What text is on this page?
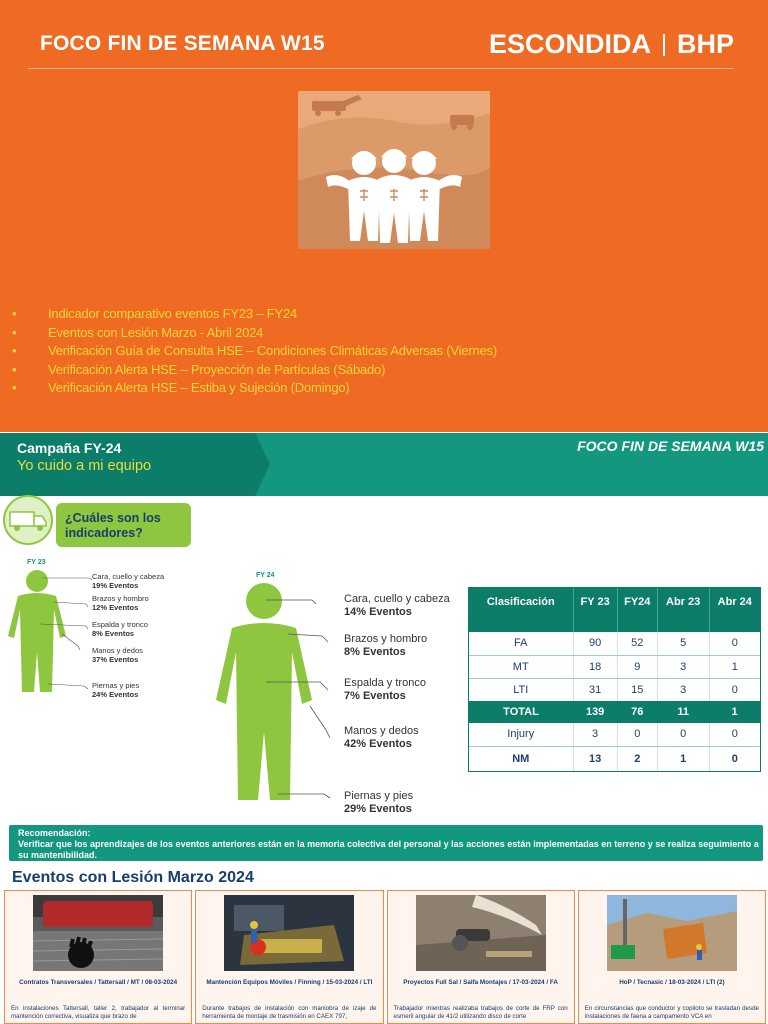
FOCO FIN DE SEMANA W15	ESCONDIDA BHP
• Indicador comparativo eventos FY23 – FY24
• Eventos con Lesión Marzo - Abril 2024
• Verificación Guía de Consulta HSE – Condiciones Climáticas Adversas (Viernes)
• Verificación Alerta HSE – Proyección de Partículas (Sábado)
• Verificación Alerta HSE – Estiba y Sujeción (Domingo)
Campaña FY-24
Yo cuido a mi equipo
FOCO FIN DE SEMANA W15
¿Cuáles son los indicadores?
FY 23
Cara, cuello y cabeza
19% Eventos
Brazos y hombro
12% Eventos
Espalda y tronco
8% Eventos
Manos y dedos
37% Eventos
Piernas y pies
24% Eventos
FY 24
Cara, cuello y cabeza
14% Eventos
Brazos y hombro
8% Eventos
Espalda y tronco
7% Eventos
Manos y dedos
42% Eventos
Piernas y pies
29% Eventos
Clasificación	FY 23	FY24	Abr 23	Abr 24
FA	90	52	5	0
MT	18	9	3	1
LTI	31	15	3	0
TOTAL	139	76	11	1
Injury	3	0	0	0
NM	13	2	1	0
Recomendación:
Verificar que los aprendizajes de los eventos anteriores están en la memoria colectiva del personal y las acciones están implementadas en terreno y se realiza seguimiento a su mantenibilidad.
Eventos con Lesión Marzo 2024
Contratos Transversales / Tattersall / MT / 08-03-2024
En instalaciones Tattersall, taller 2, trabajador al terminar mantención correctiva, visualiza que brazo de
Mantención Equipos Móviles / Finning / 15-03-2024 / LTI
Durante trabajos de instalación con maniobra de izaje de herramienta de montaje de trasmisión en CAEX 797,
Proyectos Full Sal / Salfa Montajes / 17-03-2024 / FA
Trabajador mientras realizaba trabajos de corte de FRP con esmeril angular de 41/2 utilizando disco de corte
HoP / Tecnasic / 18-03-2024 / LTI (2)
En circunstancias que conductor y copiloto se trasladan desde instalaciones de faena a campamento VCA en
